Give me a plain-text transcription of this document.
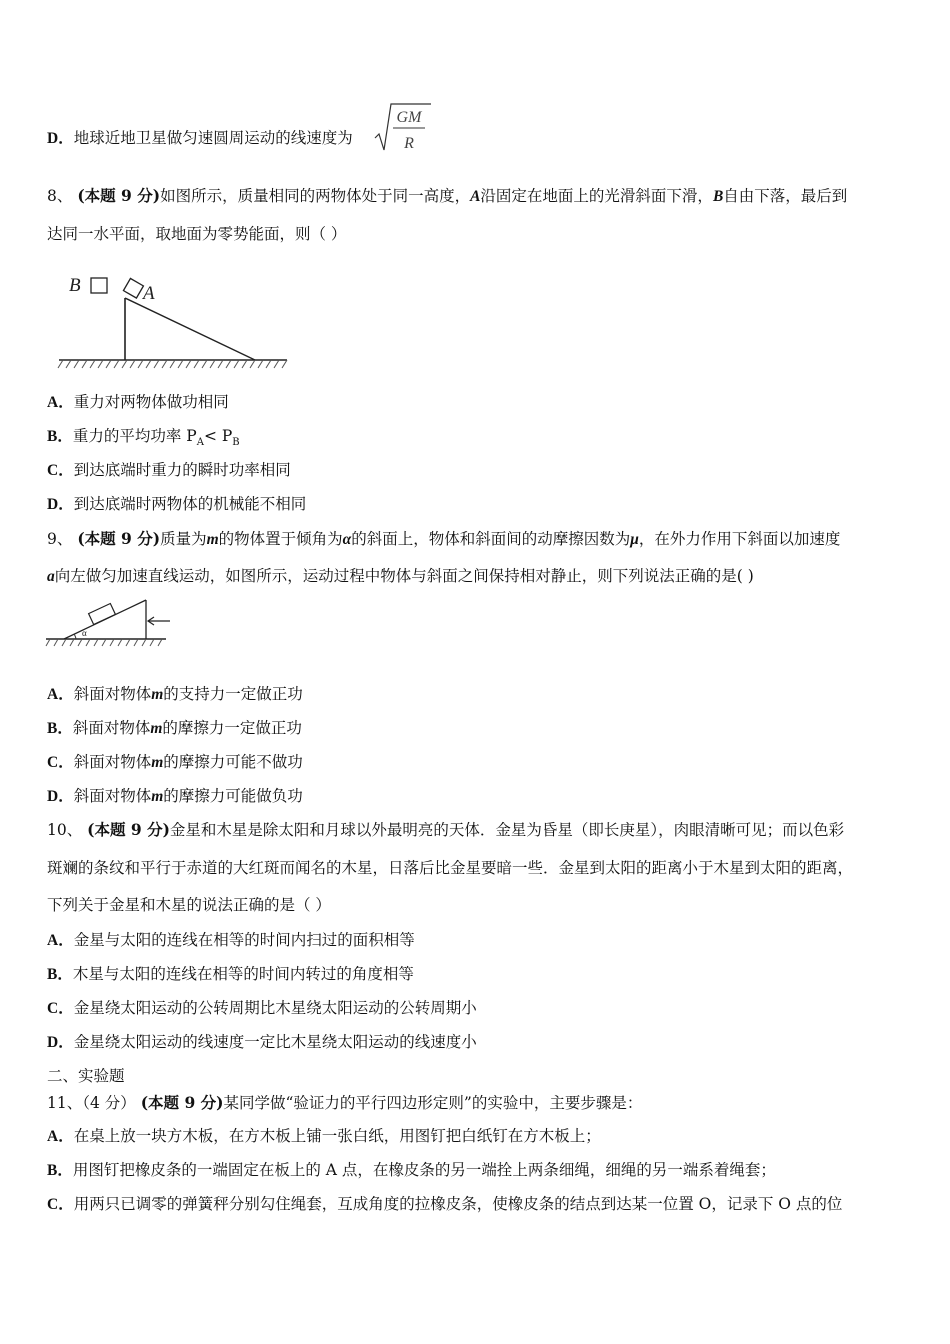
D．地球近地卫星做匀速圆周运动的线速度为
GM
R
8、 (本题 9 分)如图所示，质量相同的两物体处于同一高度，A沿固定在地面上的光滑斜面下滑，B自由下落，最后到
达同一水平面，取地面为零势能面，则（ ）
B	A
A．重力对两物体做功相同
B．重力的平均功率 $P_A< P_B$
C．到达底端时重力的瞬时功率相同
D．到达底端时两物体的机械能不相同
9、 (本题 9 分)质量为m的物体置于倾角为α的斜面上，物体和斜面间的动摩擦因数为μ，在外力作用下斜面以加速度
a向左做匀加速直线运动，如图所示，运动过程中物体与斜面之间保持相对静止，则下列说法正确的是( )
α
A．斜面对物体m的支持力一定做正功
B．斜面对物体m的摩擦力一定做正功
C．斜面对物体m的摩擦力可能不做功
D．斜面对物体m的摩擦力可能做负功
10、 (本题 9 分)金星和木星是除太阳和月球以外最明亮的天体．金星为昏星（即长庚星），肉眼清晰可见；而以色彩
斑斓的条纹和平行于赤道的大红斑而闻名的木星，日落后比金星要暗一些．金星到太阳的距离小于木星到太阳的距离，
下列关于金星和木星的说法正确的是（ ）
A．金星与太阳的连线在相等的时间内扫过的面积相等
B．木星与太阳的连线在相等的时间内转过的角度相等
C．金星绕太阳运动的公转周期比木星绕太阳运动的公转周期小
D．金星绕太阳运动的线速度一定比木星绕太阳运动的线速度小
二、实验题
11、（4 分） (本题 9 分)某同学做“验证力的平行四边形定则”的实验中，主要步骤是：
A．在桌上放一块方木板，在方木板上铺一张白纸，用图钉把白纸钉在方木板上；
B．用图钉把橡皮条的一端固定在板上的 A 点，在橡皮条的另一端拴上两条细绳，细绳的另一端系着绳套；
C．用两只已调零的弹簧秤分别勾住绳套，互成角度的拉橡皮条，使橡皮条的结点到达某一位置 O，记录下 O 点的位
